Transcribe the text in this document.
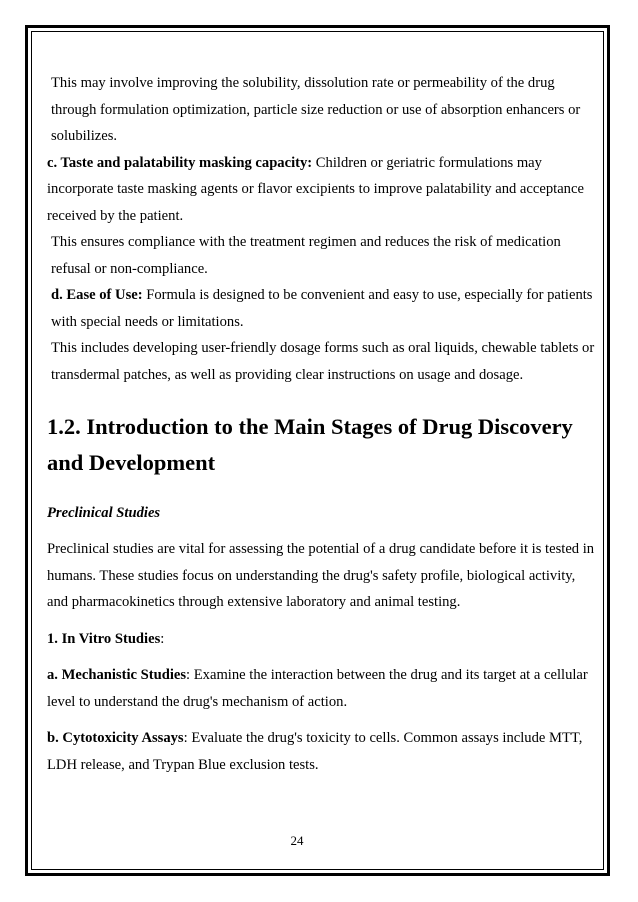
This may involve improving the solubility, dissolution rate or permeability of the drug through formulation optimization, particle size reduction or use of absorption enhancers or solubilizes.

c. Taste and palatability masking capacity: Children or geriatric formulations may incorporate taste masking agents or flavor excipients to improve palatability and acceptance received by the patient.

This ensures compliance with the treatment regimen and reduces the risk of medication refusal or non-compliance.

d. Ease of Use: Formula is designed to be convenient and easy to use, especially for patients with special needs or limitations.

This includes developing user-friendly dosage forms such as oral liquids, chewable tablets or transdermal patches, as well as providing clear instructions on usage and dosage.

1.2. Introduction to the Main Stages of Drug Discovery and Development

Preclinical Studies

Preclinical studies are vital for assessing the potential of a drug candidate before it is tested in humans. These studies focus on understanding the drug's safety profile, biological activity, and pharmacokinetics through extensive laboratory and animal testing.

1. In Vitro Studies:

a. Mechanistic Studies: Examine the interaction between the drug and its target at a cellular level to understand the drug's mechanism of action.

b. Cytotoxicity Assays: Evaluate the drug's toxicity to cells. Common assays include MTT, LDH release, and Trypan Blue exclusion tests.

24
